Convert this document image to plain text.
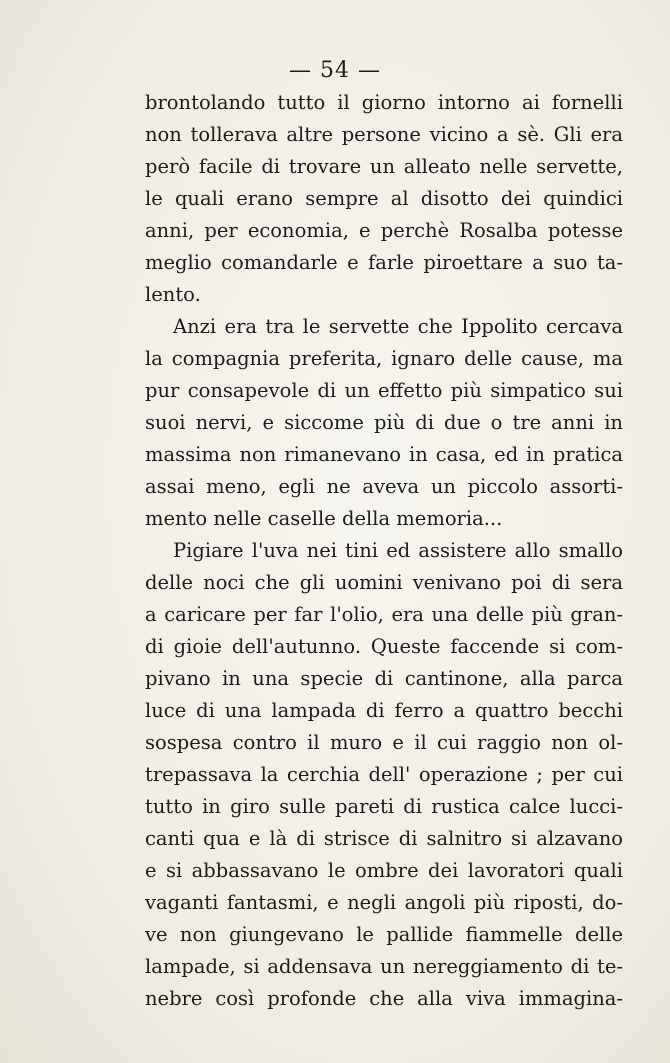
— 54 —
brontolando tutto il giorno intorno ai fornelli
non tollerava altre persone vicino a sè. Gli era
però facile di trovare un alleato nelle servette,
le quali erano sempre al disotto dei quindici
anni, per economia, e perchè Rosalba potesse
meglio comandarle e farle piroettare a suo ta-
lento.
Anzi era tra le servette che Ippolito cercava
la compagnia preferita, ignaro delle cause, ma
pur consapevole di un effetto più simpatico sui
suoi nervi, e siccome più di due o tre anni in
massima non rimanevano in casa, ed in pratica
assai meno, egli ne aveva un piccolo assorti-
mento nelle caselle della memoria...
Pigiare l'uva nei tini ed assistere allo smallo
delle noci che gli uomini venivano poi di sera
a caricare per far l'olio, era una delle più gran-
di gioie dell'autunno. Queste faccende si com-
pivano in una specie di cantinone, alla parca
luce di una lampada di ferro a quattro becchi
sospesa contro il muro e il cui raggio non ol-
trepassava la cerchia dell' operazione ; per cui
tutto in giro sulle pareti di rustica calce lucci-
canti qua e là di strisce di salnitro si alzavano
e si abbassavano le ombre dei lavoratori quali
vaganti fantasmi, e negli angoli più riposti, do-
ve non giungevano le pallide fiammelle delle
lampade, si addensava un nereggiamento di te-
nebre così profonde che alla viva immagina-
